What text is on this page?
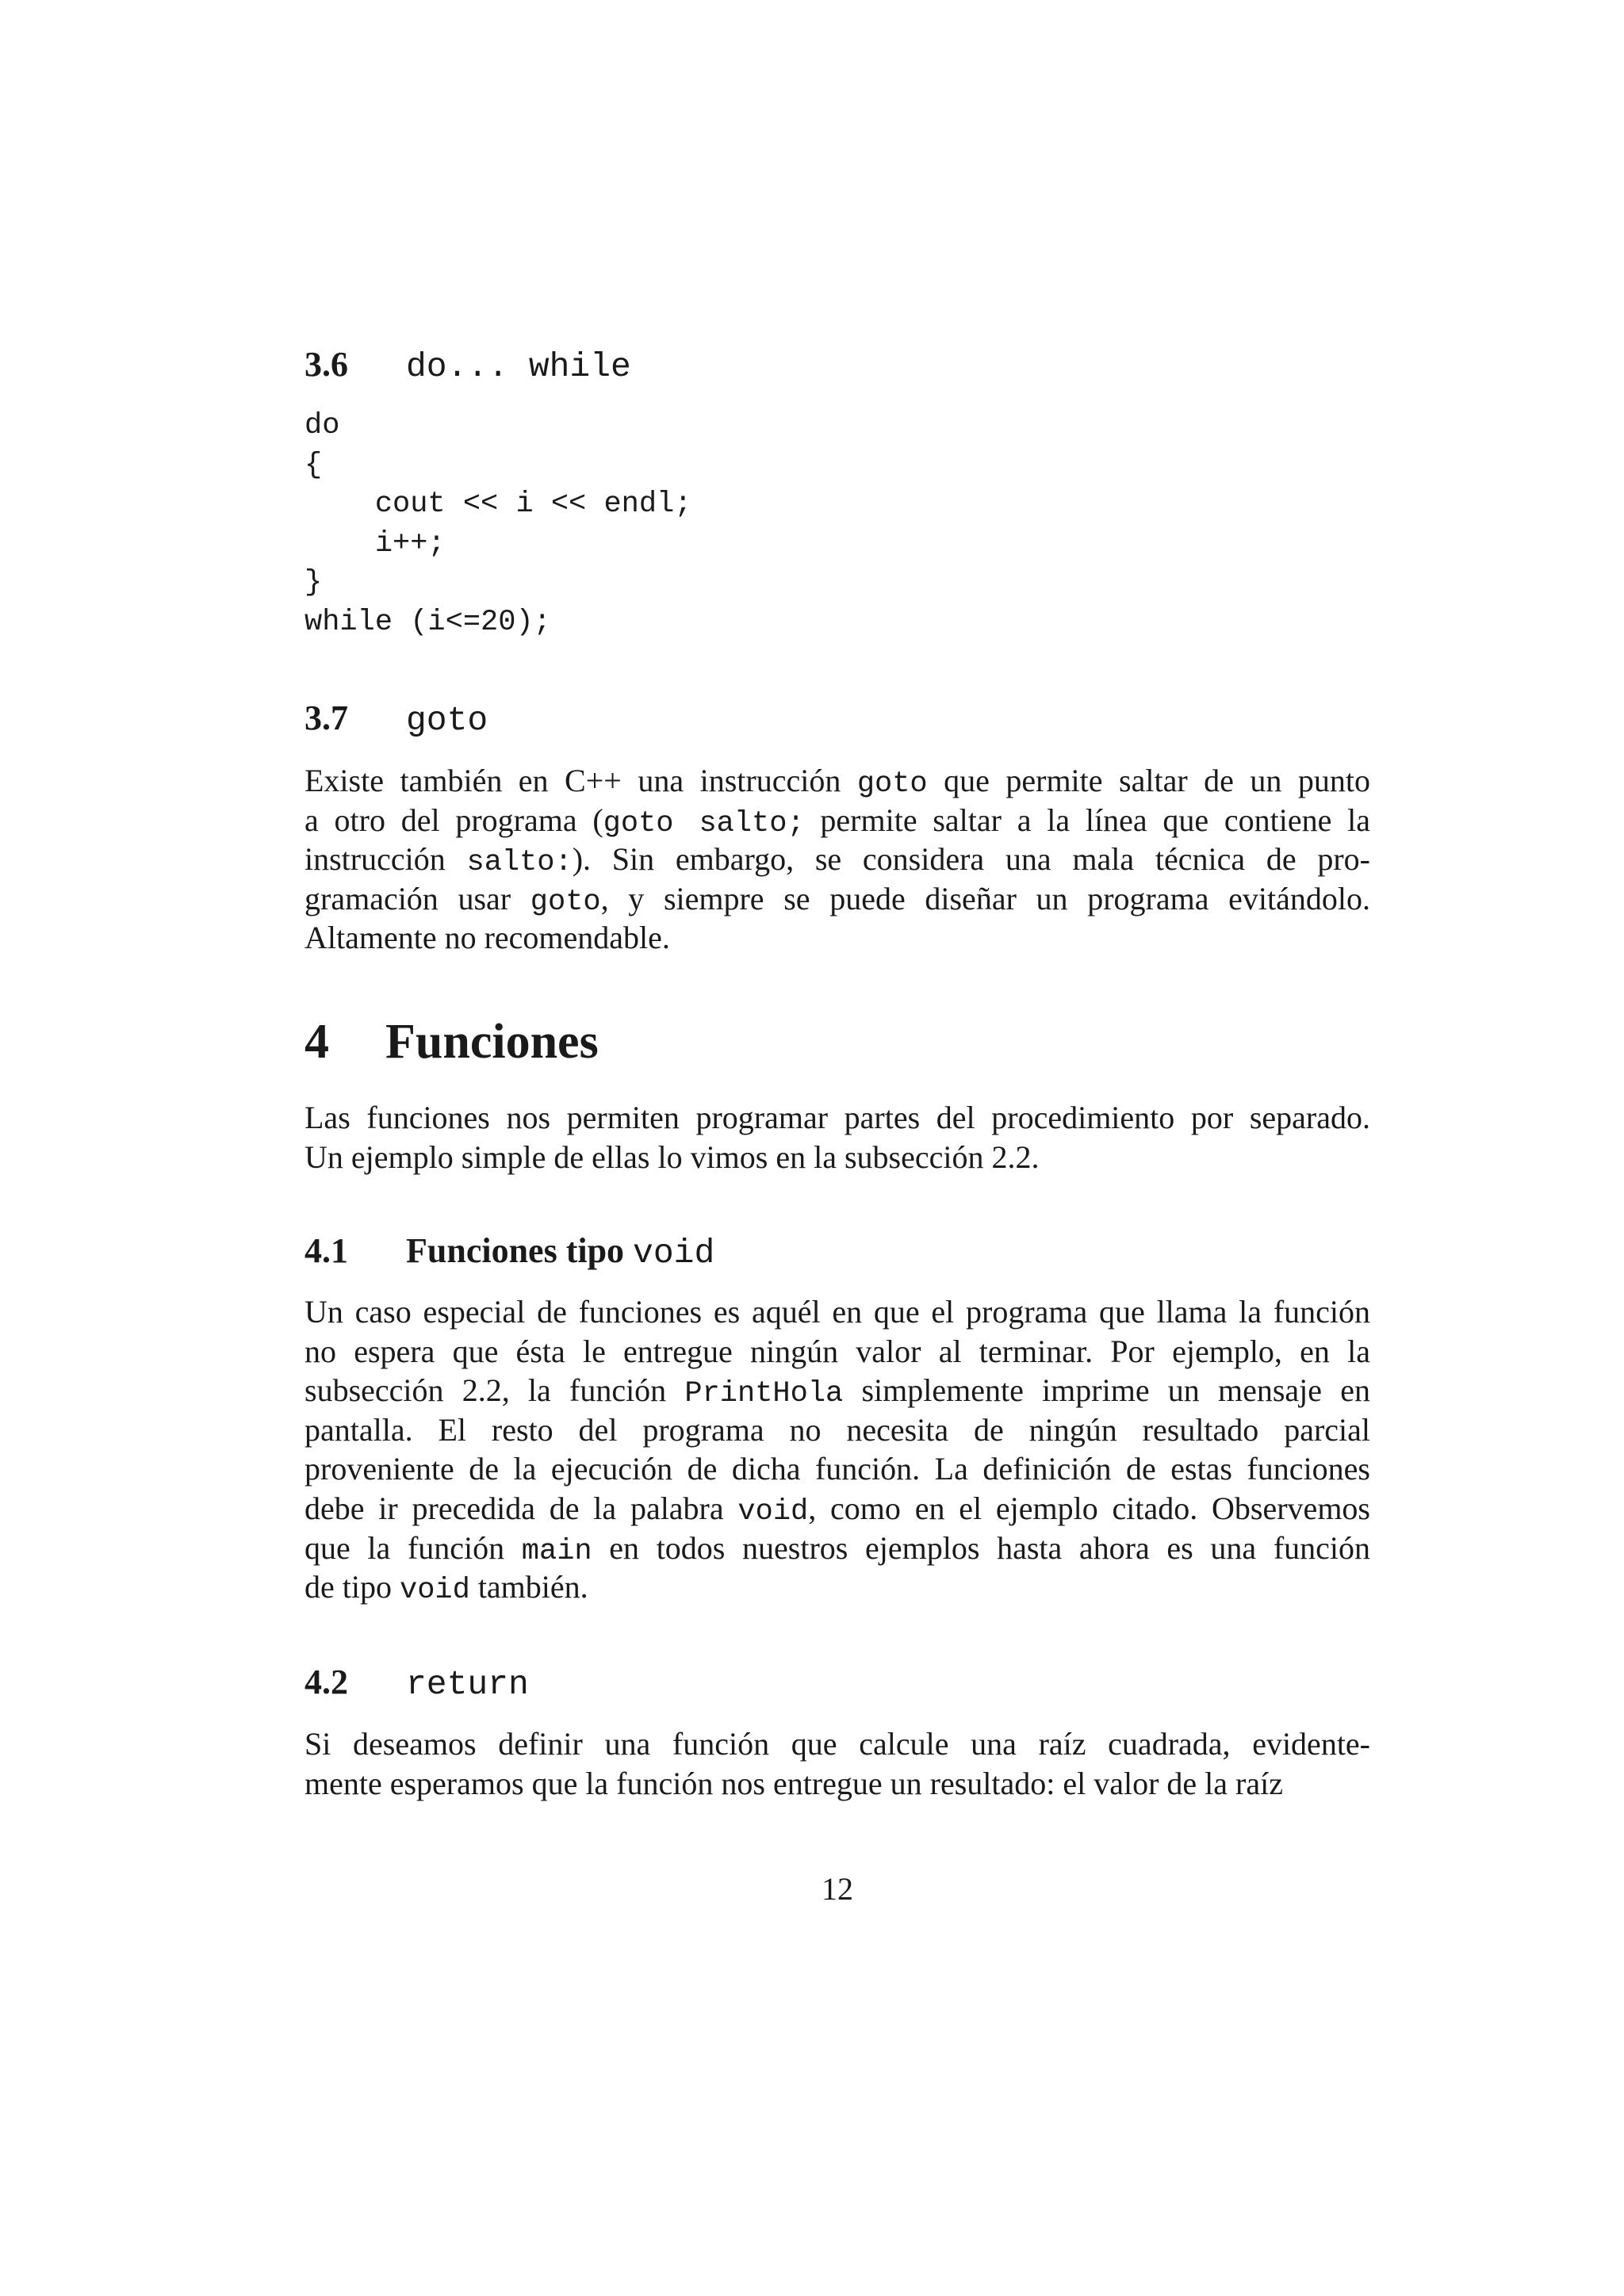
3.6 do... while
do
{
cout << i << endl;
i++;
}
while (i<=20);
3.7 goto
Existe también en C++ una instrucción goto que permite saltar de un punto
a otro del programa (goto salto; permite saltar a la línea que contiene la
instrucción salto:). Sin embargo, se considera una mala técnica de pro-
gramación usar goto, y siempre se puede diseñar un programa evitándolo.
Altamente no recomendable.
4 Funciones
Las funciones nos permiten programar partes del procedimiento por separado.
Un ejemplo simple de ellas lo vimos en la subsección 2.2.
4.1 Funciones tipo void
Un caso especial de funciones es aquél en que el programa que llama la función
no espera que ésta le entregue ningún valor al terminar. Por ejemplo, en la
subsección 2.2, la función PrintHola simplemente imprime un mensaje en
pantalla. El resto del programa no necesita de ningún resultado parcial
proveniente de la ejecución de dicha función. La definición de estas funciones
debe ir precedida de la palabra void, como en el ejemplo citado. Observemos
que la función main en todos nuestros ejemplos hasta ahora es una función
de tipo void también.
4.2 return
Si deseamos definir una función que calcule una raíz cuadrada, evidente-
mente esperamos que la función nos entregue un resultado: el valor de la raíz

12
